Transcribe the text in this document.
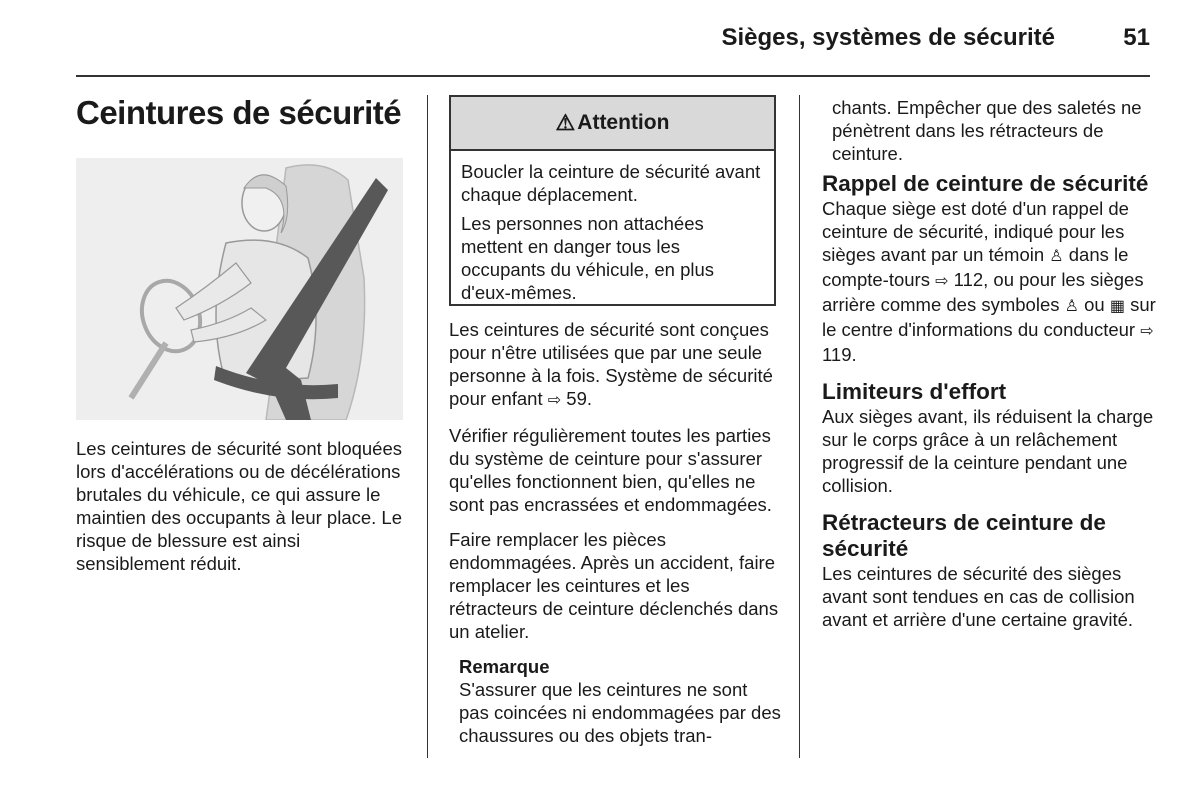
Sièges, systèmes de sécurité	51
Ceintures de sécurité

Les ceintures de sécurité sont bloquées lors d'accélérations ou de décélérations brutales du véhicule, ce qui assure le maintien des occupants à leur place. Le risque de blessure est ainsi sensiblement réduit.

⚠ Attention

Boucler la ceinture de sécurité avant chaque déplacement.

Les personnes non attachées mettent en danger tous les occupants du véhicule, en plus d'eux-mêmes.

Les ceintures de sécurité sont conçues pour n'être utilisées que par une seule personne à la fois. Système de sécurité pour enfant ⇨ 59.

Vérifier régulièrement toutes les parties du système de ceinture pour s'assurer qu'elles fonctionnent bien, qu'elles ne sont pas encrassées et endommagées.

Faire remplacer les pièces endommagées. Après un accident, faire remplacer les ceintures et les rétracteurs de ceinture déclenchés dans un atelier.

Remarque
S'assurer que les ceintures ne sont pas coincées ni endommagées par des chaussures ou des objets tran-

chants. Empêcher que des saletés ne pénètrent dans les rétracteurs de ceinture.

Rappel de ceinture de sécurité

Chaque siège est doté d'un rappel de ceinture de sécurité, indiqué pour les sièges avant par un témoin ♙ dans le compte-tours ⇨ 112, ou pour les sièges arrière comme des symboles ♙ ou ▦ sur le centre d'informations du conducteur ⇨ 119.

Limiteurs d'effort

Aux sièges avant, ils réduisent la charge sur le corps grâce à un relâchement progressif de la ceinture pendant une collision.

Rétracteurs de ceinture de sécurité

Les ceintures de sécurité des sièges avant sont tendues en cas de collision avant et arrière d'une certaine gravité.
